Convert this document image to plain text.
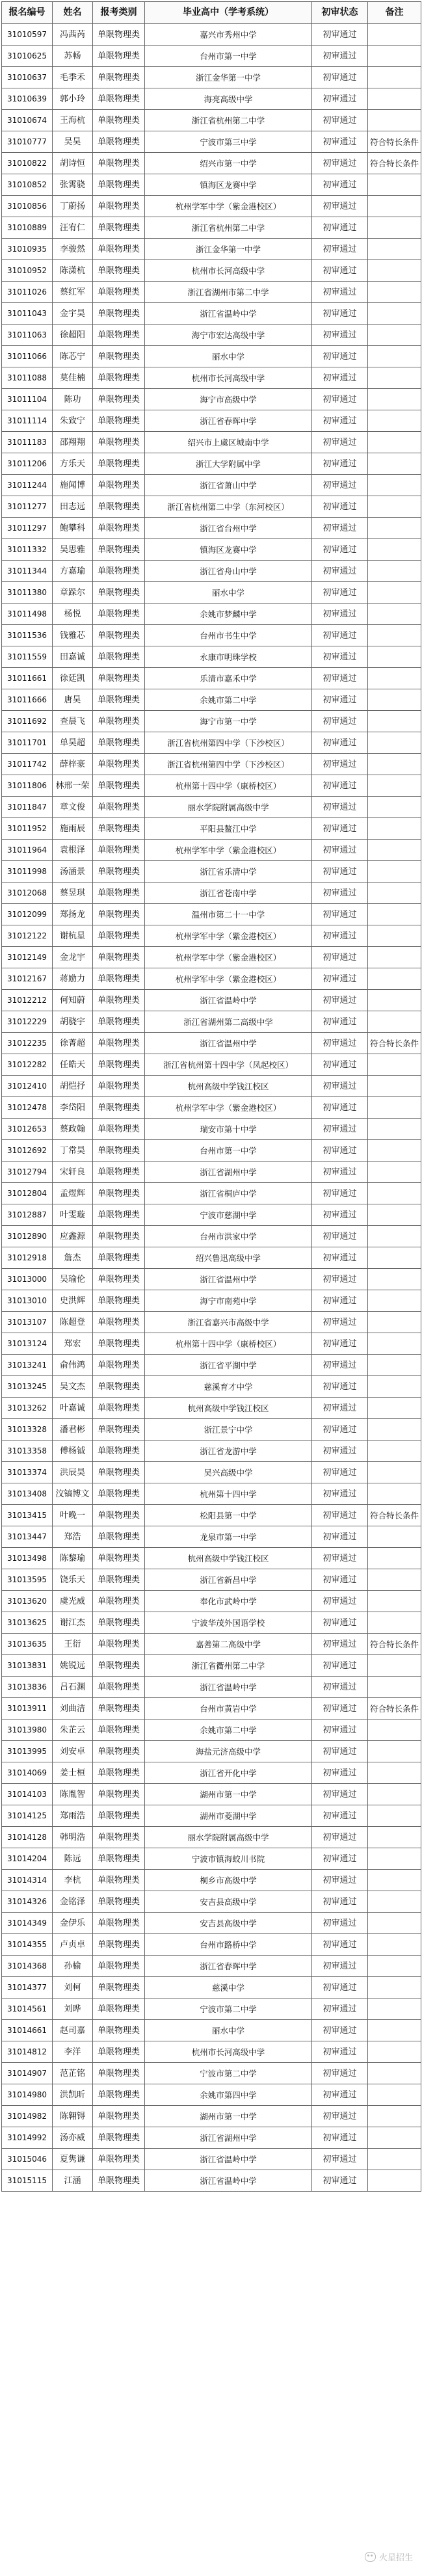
报名编号	姓名	报考类别	毕业高中（学考系统）	初审状态	备注
31010597	冯茜芮	单限物理类	嘉兴市秀州中学	初审通过	
31010625	苏畅	单限物理类	台州市第一中学	初审通过	
31010637	毛季禾	单限物理类	浙江金华第一中学	初审通过	
31010639	郭小玲	单限物理类	海亮高级中学	初审通过	
31010674	王海杭	单限物理类	浙江省杭州第二中学	初审通过	
31010777	吴昊	单限物理类	宁波市第三中学	初审通过	符合特长条件
31010822	胡诗恒	单限物理类	绍兴市第一中学	初审通过	符合特长条件
31010852	张霄骁	单限物理类	镇海区龙赛中学	初审通过	
31010856	丁蔚扬	单限物理类	杭州学军中学（紫金港校区）	初审通过	
31010889	汪宥仁	单限物理类	浙江省杭州第二中学	初审通过	
31010935	李骏然	单限物理类	浙江金华第一中学	初审通过	
31010952	陈潇杭	单限物理类	杭州市长河高级中学	初审通过	
31011026	蔡红军	单限物理类	浙江省湖州市第二中学	初审通过	
31011043	金宇昊	单限物理类	浙江省温岭中学	初审通过	
31011063	徐超阳	单限物理类	海宁市宏达高级中学	初审通过	
31011066	陈芯宁	单限物理类	丽水中学	初审通过	
31011088	莫佳楠	单限物理类	杭州市长河高级中学	初审通过	
31011104	陈功	单限物理类	海宁市高级中学	初审通过	
31011114	朱致宁	单限物理类	浙江省春晖中学	初审通过	
31011183	邵翔翔	单限物理类	绍兴市上虞区城南中学	初审通过	
31011206	方乐天	单限物理类	浙江大学附属中学	初审通过	
31011244	施闻博	单限物理类	浙江省萧山中学	初审通过	
31011277	田志远	单限物理类	浙江省杭州第二中学（东河校区）	初审通过	
31011297	鲍攀科	单限物理类	浙江省台州中学	初审通过	
31011332	吴思雅	单限物理类	镇海区龙赛中学	初审通过	
31011344	方嘉瑜	单限物理类	浙江省舟山中学	初审通过	
31011380	章跺尔	单限物理类	丽水中学	初审通过	
31011498	杨悦	单限物理类	余姚市梦麟中学	初审通过	
31011536	钱雅芯	单限物理类	台州市书生中学	初审通过	
31011559	田嘉诚	单限物理类	永康市明珠学校	初审通过	
31011661	徐廷凯	单限物理类	乐清市嘉禾中学	初审通过	
31011666	唐昊	单限物理类	余姚市第二中学	初审通过	
31011692	查晨飞	单限物理类	海宁市第一中学	初审通过	
31011701	单昊超	单限物理类	浙江省杭州第四中学（下沙校区）	初审通过	
31011742	薛梓豪	单限物理类	浙江省杭州第四中学（下沙校区）	初审通过	
31011806	林邢一荣	单限物理类	杭州第十四中学（康桥校区）	初审通过	
31011847	章文俊	单限物理类	丽水学院附属高级中学	初审通过	
31011952	施雨辰	单限物理类	平阳县鳌江中学	初审通过	
31011964	袁根泽	单限物理类	杭州学军中学（紫金港校区）	初审通过	
31011998	汤涵景	单限物理类	浙江省乐清中学	初审通过	
31012068	蔡昱琪	单限物理类	浙江省苍南中学	初审通过	
31012099	郑扬龙	单限物理类	温州市第二十一中学	初审通过	
31012122	谢杭星	单限物理类	杭州学军中学（紫金港校区）	初审通过	
31012149	金龙宇	单限物理类	杭州学军中学（紫金港校区）	初审通过	
31012167	蒋励力	单限物理类	杭州学军中学（紫金港校区）	初审通过	
31012212	何知蔚	单限物理类	浙江省温岭中学	初审通过	
31012229	胡骁宇	单限物理类	浙江省湖州第二高级中学	初审通过	
31012235	徐菁超	单限物理类	浙江省温州中学	初审通过	符合特长条件
31012282	任皓天	单限物理类	浙江省杭州第十四中学（凤起校区）	初审通过	
31012410	胡恺抒	单限物理类	杭州高级中学钱江校区	初审通过	
31012478	李岱阳	单限物理类	杭州学军中学（紫金港校区）	初审通过	
31012653	蔡政翰	单限物理类	瑞安市第十中学	初审通过	
31012692	丁常昊	单限物理类	台州市第一中学	初审通过	
31012794	宋轩良	单限物理类	浙江省湖州中学	初审通过	
31012804	孟煜辉	单限物理类	浙江省桐庐中学	初审通过	
31012887	叶雯璇	单限物理类	宁波市慈湖中学	初审通过	
31012890	应鑫源	单限物理类	台州市洪家中学	初审通过	
31012918	詹杰	单限物理类	绍兴鲁迅高级中学	初审通过	
31013000	吴瑜伦	单限物理类	浙江省温州中学	初审通过	
31013010	史洪辉	单限物理类	海宁市南苑中学	初审通过	
31013107	陈超登	单限物理类	浙江省嘉兴市高级中学	初审通过	
31013124	郑宏	单限物理类	杭州第十四中学（康桥校区）	初审通过	
31013241	俞伟鸿	单限物理类	浙江省平湖中学	初审通过	
31013245	吴文杰	单限物理类	慈溪育才中学	初审通过	
31013262	叶嘉诚	单限物理类	杭州高级中学钱江校区	初审通过	
31013328	潘君彬	单限物理类	浙江景宁中学	初审通过	
31013358	傅杨钺	单限物理类	浙江省龙游中学	初审通过	
31013374	洪辰昊	单限物理类	吴兴高级中学	初审通过	
31013408	汶镐博文	单限物理类	杭州第十四中学	初审通过	
31013415	叶晚一	单限物理类	松阳县第一中学	初审通过	符合特长条件
31013447	郑浩	单限物理类	龙泉市第一中学	初审通过	
31013498	陈黎瑜	单限物理类	杭州高级中学钱江校区	初审通过	
31013595	饶乐天	单限物理类	浙江省新昌中学	初审通过	
31013620	虞光威	单限物理类	奉化市武岭中学	初审通过	
31013625	谢江杰	单限物理类	宁波华茂外国语学校	初审通过	
31013635	王衍	单限物理类	嘉善第二高级中学	初审通过	符合特长条件
31013831	姚锐远	单限物理类	浙江省衢州第二中学	初审通过	
31013836	吕石渊	单限物理类	浙江省温岭中学	初审通过	
31013911	刘曲洁	单限物理类	台州市黄岩中学	初审通过	符合特长条件
31013980	朱芷云	单限物理类	余姚市第二中学	初审通过	
31013995	刘安卓	单限物理类	海盐元济高级中学	初审通过	
31014069	姜士桓	单限物理类	浙江省开化中学	初审通过	
31014103	陈胤智	单限物理类	湖州市第一中学	初审通过	
31014125	郑雨浩	单限物理类	湖州市菱湖中学	初审通过	
31014128	韩明浩	单限物理类	丽水学院附属高级中学	初审通过	
31014204	陈远	单限物理类	宁波市镇海蛟川书院	初审通过	
31014314	李杭	单限物理类	桐乡市高级中学	初审通过	
31014326	金铭泽	单限物理类	安吉县高级中学	初审通过	
31014349	金伊乐	单限物理类	安吉县高级中学	初审通过	
31014355	卢贞卓	单限物理类	台州市路桥中学	初审通过	
31014368	孙榆	单限物理类	浙江省春晖中学	初审通过	
31014377	刘柯	单限物理类	慈溪中学	初审通过	
31014561	刘晔	单限物理类	宁波市第二中学	初审通过	
31014661	赵司嘉	单限物理类	丽水中学	初审通过	
31014812	李洋	单限物理类	杭州市长河高级中学	初审通过	
31014907	范芷铭	单限物理类	宁波市第二中学	初审通过	
31014980	洪凯昕	单限物理类	余姚市第四中学	初审通过	
31014982	陈翱锝	单限物理类	湖州市第一中学	初审通过	
31014992	汤亦威	单限物理类	浙江省湖州中学	初审通过	
31015046	夏隽谦	单限物理类	浙江省温岭中学	初审通过	
31015115	江涵	单限物理类	浙江省温岭中学	初审通过	
火星招生
